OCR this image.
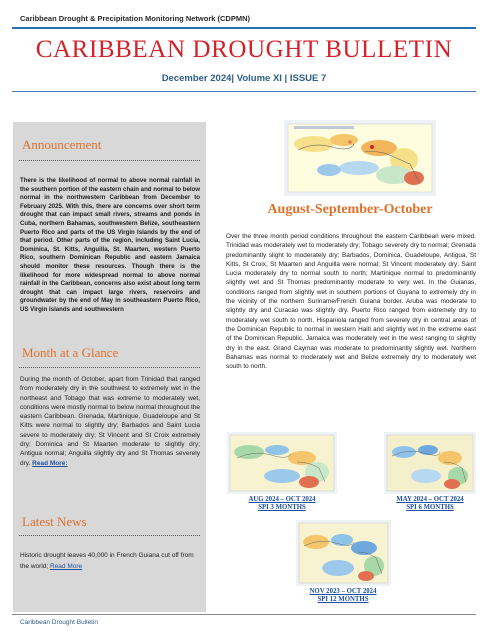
Caribbean Drought & Precipitation Monitoring Network (CDPMN)
CARIBBEAN DROUGHT BULLETIN
December 2024| Volume XI | ISSUE 7
Announcement
There is the likelihood of normal to above normal rainfall in the southern portion of the eastern chain and normal to below normal in the northwestern Caribbean from December to February 2025. With this, there are concerns over short term drought that can impact small rivers, streams and ponds in Cuba, northern Bahamas, southwestern Belize, southeastern Puerto Rico and parts of the US Virgin Islands by the end of that period. Other parts of the region, including Saint Lucia, Dominica, St. Kitts, Anguilla, St. Maarten, western Puerto Rico, southern Dominican Republic and eastern Jamaica should monitor these resources. Though there is the likelihood for more widespread normal to above normal rainfall in the Caribbean, concerns also exist about long term drought that can impact large rivers, reservoirs and groundwater by the end of May in southeastern Puerto Rico, US Virgin Islands and southwestern
Month at a Glance
During the month of October, apart from Trinidad that ranged from moderately dry in the southwest to extremely wet in the northeast and Tobago that was extreme to moderately wet, conditions were mostly normal to below normal throughout the eastern Caribbean. Grenada, Martinique, Guadeloupe and St Kitts were normal to slightly dry; Barbados and Saint Lucia severe to moderately dry; St Vincent and St Croix extremely dry; Dominica and St Maarten moderate to slightly dry; Antigua normal; Anguilla slightly dry and St Thomas severely dry. Read More:
Latest News
Historic drought leaves 40,000 in French Guiana cut off from the world; Read More
August-September-October
Over the three month period conditions throughout the eastern Caribbean were mixed. Trinidad was moderately wet to moderately dry; Tobago severely dry to normal; Grenada predominantly slight to moderately dry; Barbados, Dominica, Guadeloupe, Antigua, St Kitts, St Croix, St Maarten and Anguilla were normal; St Vincent moderately dry; Saint Lucia moderately dry to normal south to north; Martinique normal to predominantly slightly wet and St Thomas predominantly moderate to very wet. In the Guianas, conditions ranged from slightly wet in southern portions of Guyana to extremely dry in the vicinity of the northern Suriname/French Guiana border. Aruba was moderate to slightly dry and Curacao was slightly dry. Puerto Rico ranged from extremely dry to moderately wet south to north. Hispaniola ranged from severely dry in central areas of the Dominican Republic to normal in western Haiti and slightly wet in the extreme east of the Dominican Republic. Jamaica was moderately wet in the west ranging to slightly dry in the east. Grand Cayman was moderate to predominantly slightly wet. Northern Bahamas was normal to moderately wet and Belize extremely dry to moderately wet south to north.
AUG 2024 – OCT 2024
SPI 3 MONTHS
MAY 2024 – OCT 2024
SPI 6 MONTHS
NOV 2023 – OCT 2024
SPI 12 MONTHS
Caribbean Drought Bulletin
